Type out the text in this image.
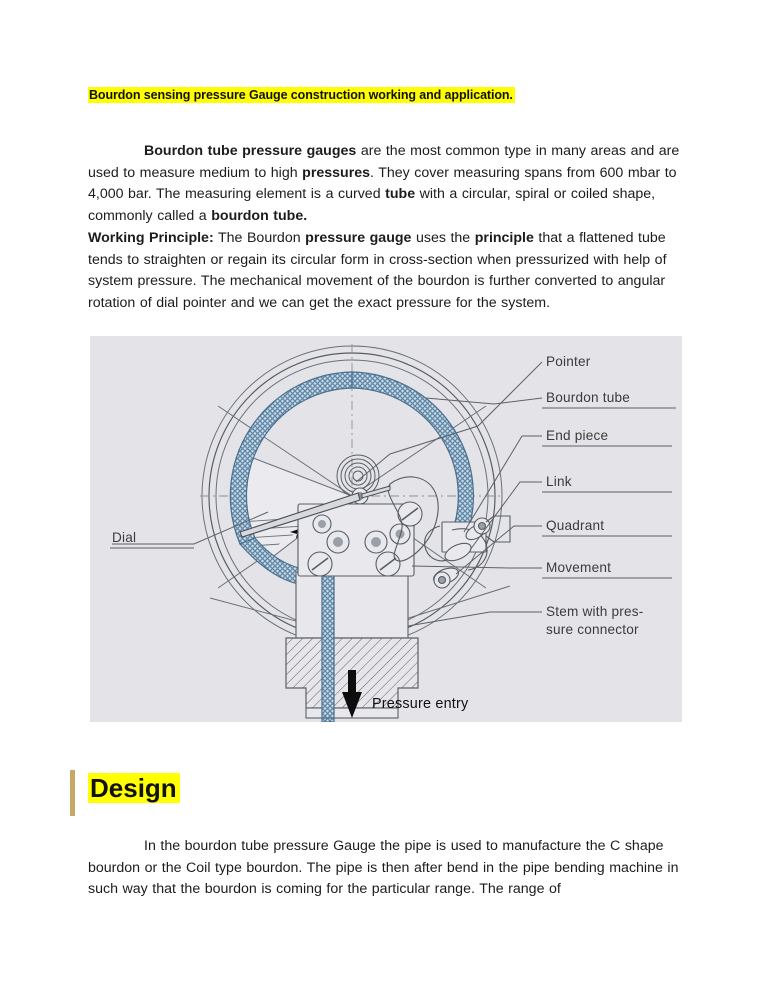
Bourdon sensing pressure Gauge construction working and application.
Bourdon tube pressure gauges are the most common type in many areas and are used to measure medium to high pressures. They cover measuring spans from 600 mbar to 4,000 bar. The measuring element is a curved tube with a circular, spiral or coiled shape, commonly called a bourdon tube.
Working Principle: The Bourdon pressure gauge uses the principle that a flattened tube tends to straighten or regain its circular form in cross-section when pressurized with help of system pressure. The mechanical movement of the bourdon is further converted to angular rotation of dial pointer and we can get the exact pressure for the system.
Pointer
Bourdon tube
End piece
Link
Quadrant
Movement
Stem with pres-
sure connector
Dial
Pressure entry
Design
In the bourdon tube pressure Gauge the pipe is used to manufacture the C shape bourdon or the Coil type bourdon. The pipe is then after bend in the pipe bending machine in such way that the bourdon is coming for the particular range. The range of
